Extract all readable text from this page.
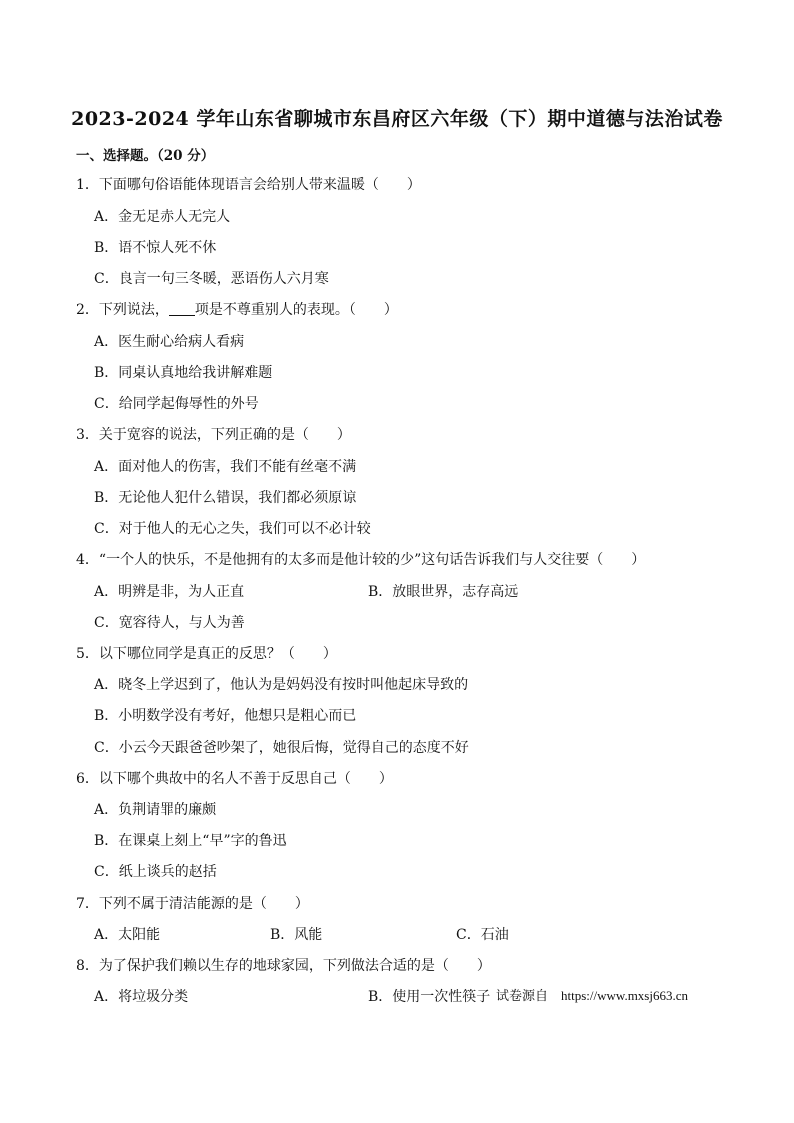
2023-2024 学年山东省聊城市东昌府区六年级（下）期中道德与法治试卷
一、选择题。（20 分）
1．下面哪句俗语能体现语言会给别人带来温暖（　　）
A．金无足赤人无完人
B．语不惊人死不休
C．良言一句三冬暖，恶语伤人六月寒
2．下列说法， 项是不尊重别人的表现。（　　）
A．医生耐心给病人看病
B．同桌认真地给我讲解难题
C．给同学起侮辱性的外号
3．关于宽容的说法，下列正确的是（　　）
A．面对他人的伤害，我们不能有丝毫不满
B．无论他人犯什么错误，我们都必须原谅
C．对于他人的无心之失，我们可以不必计较
4．“一个人的快乐，不是他拥有的太多而是他计较的少”这句话告诉我们与人交往要（　　）
A．明辨是非，为人正直	B．放眼世界，志存高远
C．宽容待人，与人为善
5．以下哪位同学是真正的反思？（　　）
A．晓冬上学迟到了，他认为是妈妈没有按时叫他起床导致的
B．小明数学没有考好，他想只是粗心而已
C．小云今天跟爸爸吵架了，她很后悔，觉得自己的态度不好
6．以下哪个典故中的名人不善于反思自己（　　）
A．负荆请罪的廉颇
B．在课桌上刻上“早”字的鲁迅
C．纸上谈兵的赵括
7．下列不属于清洁能源的是（　　）
A．太阳能	B．风能	C．石油
8．为了保护我们赖以生存的地球家园，下列做法合适的是（　　）
A．将垃圾分类	B．使用一次性筷子 试卷源自　https://www.mxsj663.cn
